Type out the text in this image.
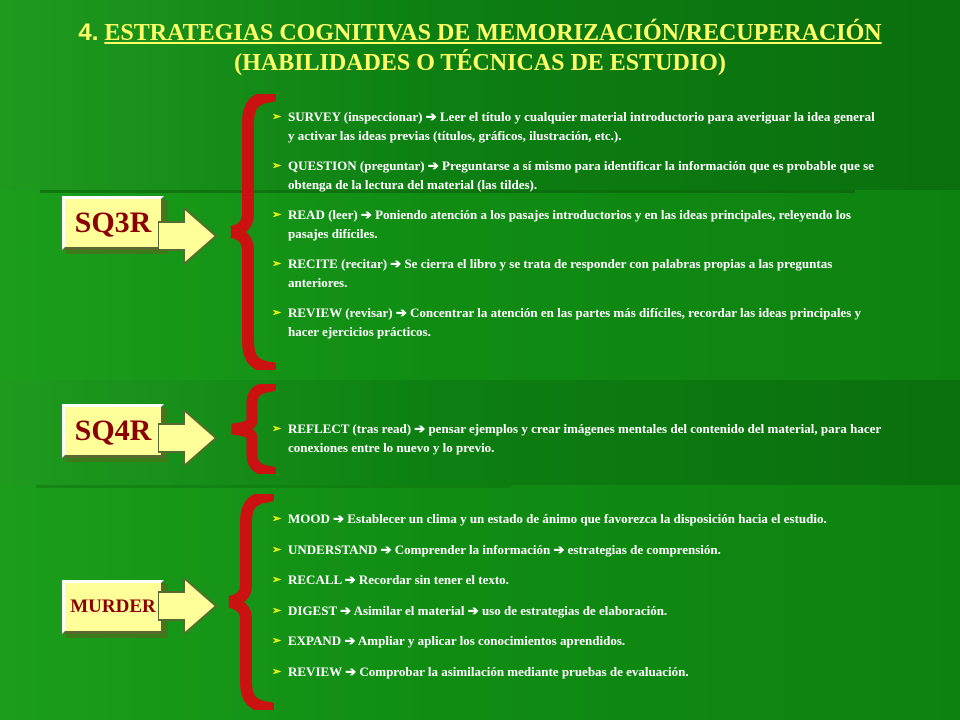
4. ESTRATEGIAS COGNITIVAS DE MEMORIZACIÓN/RECUPERACIÓN
(HABILIDADES O TÉCNICAS DE ESTUDIO)
SQ3R
➢ SURVEY (inspeccionar) ➔ Leer el título y cualquier material introductorio para averiguar la idea general y activar las ideas previas (títulos, gráficos, ilustración, etc.).
➢ QUESTION (preguntar) ➔ Preguntarse a sí mismo para identificar la información que es probable que se obtenga de la lectura del material (las tildes).
➢ READ (leer) ➔ Poniendo atención a los pasajes introductorios y en las ideas principales, releyendo los pasajes difíciles.
➢ RECITE (recitar) ➔ Se cierra el libro y se trata de responder con palabras propias a las preguntas anteriores.
➢ REVIEW (revisar) ➔ Concentrar la atención en las partes más difíciles, recordar las ideas principales y hacer ejercicios prácticos.
SQ4R	➢ REFLECT (tras read) ➔ pensar ejemplos y crear imágenes mentales del contenido del material, para hacer conexiones entre lo nuevo y lo previo.
MURDER
➢ MOOD ➔ Establecer un clima y un estado de ánimo que favorezca la disposición hacia el estudio.
➢ UNDERSTAND ➔ Comprender la información ➔ estrategias de comprensión.
➢ RECALL ➔ Recordar sin tener el texto.
➢ DIGEST ➔ Asimilar el material ➔ uso de estrategias de elaboración.
➢ EXPAND ➔ Ampliar y aplicar los conocimientos aprendidos.
➢ REVIEW ➔ Comprobar la asimilación mediante pruebas de evaluación.
